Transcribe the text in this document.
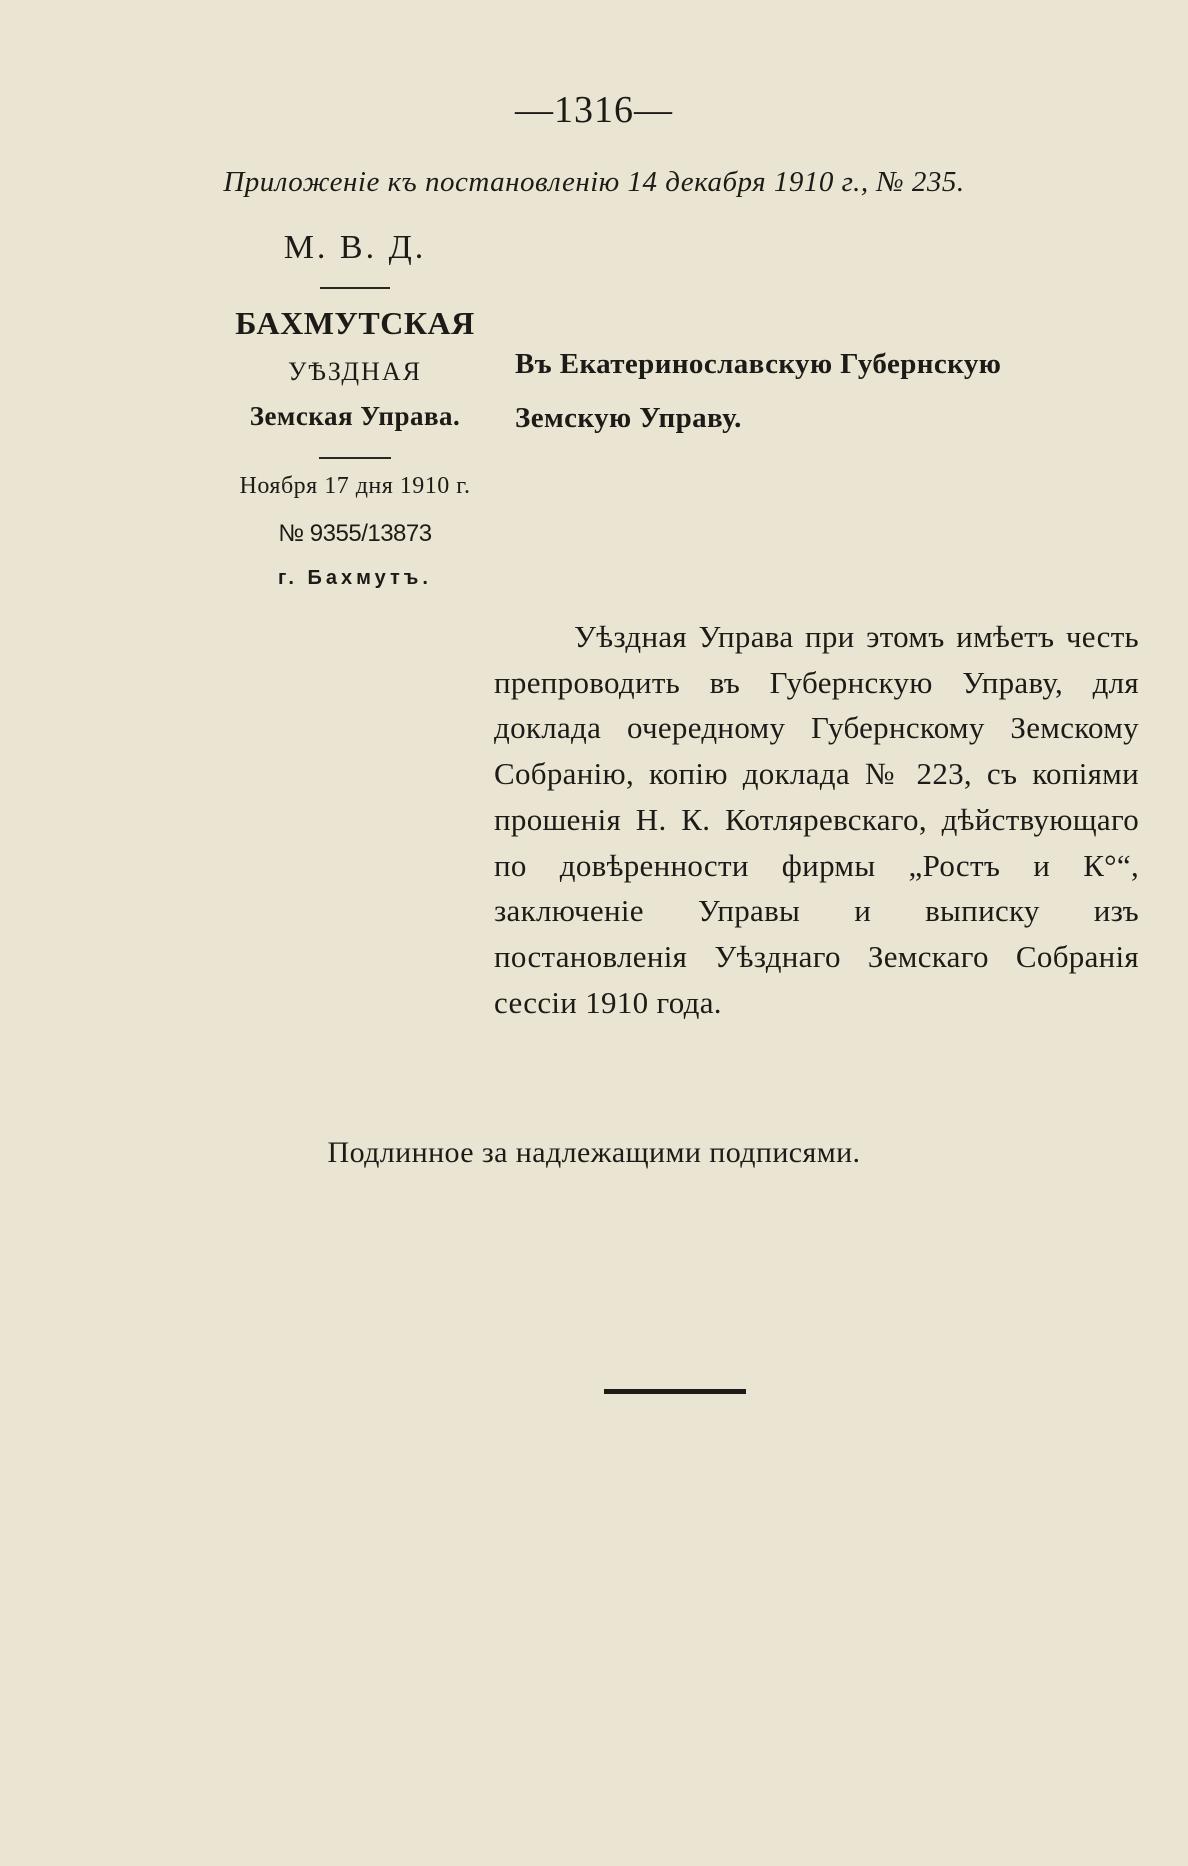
—1316—
Приложеніе къ постановленію 14 декабря 1910 г., № 235.
М. В. Д.
БАХМУТСКАЯ
УѢЗДНАЯ
Земская Управа.
Ноября 17 дня 1910 г.
№ 9355/13873
г. Бахмутъ.
Въ Екатеринославскую Губернскую
Земскую Управу.
Уѣздная Управа при этомъ имѣетъ честь препроводить въ Губернскую Управу, для доклада очередному Губернскому Земскому Собранію, копію доклада № 223, съ копіями прошенія Н. К. Котляревскаго, дѣйствующаго по довѣренности фирмы „Ростъ и К°“, заключеніе Управы и выписку изъ постановленія Уѣзднаго Земскаго Собранія сессіи 1910 года.
Подлинное за надлежащими подписями.
